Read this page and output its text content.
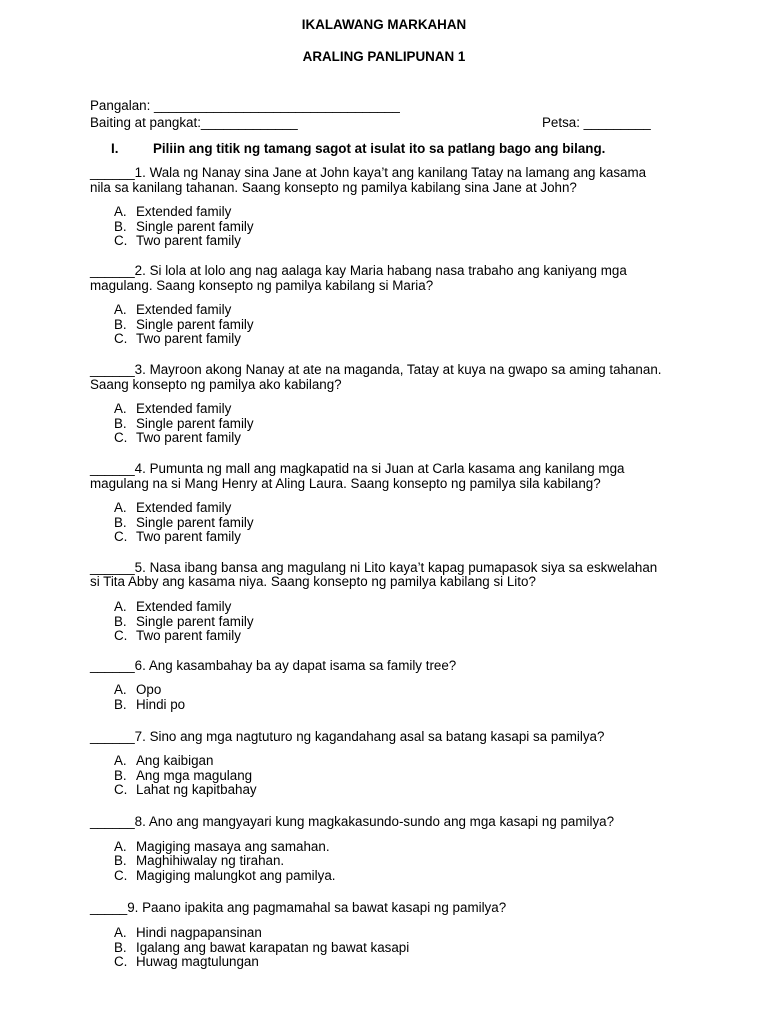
IKALAWANG MARKAHAN
ARALING PANLIPUNAN 1

Pangalan: _________________________________

Baiting at pangkat:_____________	Petsa: _________

I.	Piliin ang titik ng tamang sagot at isulat ito sa patlang bago ang bilang.

______1. Wala ng Nanay sina Jane at John kaya’t ang kanilang Tatay na lamang ang kasama nila sa kanilang tahanan. Saang konsepto ng pamilya kabilang sina Jane at John?

A. Extended family
B. Single parent family
C. Two parent family

______2. Si lola at lolo ang nag aalaga kay Maria habang nasa trabaho ang kaniyang mga magulang. Saang konsepto ng pamilya kabilang si Maria?

A. Extended family
B. Single parent family
C. Two parent family

______3. Mayroon akong Nanay at ate na maganda, Tatay at kuya na gwapo sa aming tahanan. Saang konsepto ng pamilya ako kabilang?

A. Extended family
B. Single parent family
C. Two parent family

______4. Pumunta ng mall ang magkapatid na si Juan at Carla kasama ang kanilang mga magulang na si Mang Henry at Aling Laura. Saang konsepto ng pamilya sila kabilang?

A. Extended family
B. Single parent family
C. Two parent family

______5. Nasa ibang bansa ang magulang ni Lito kaya’t kapag pumapasok siya sa eskwelahan si Tita Abby ang kasama niya. Saang konsepto ng pamilya kabilang si Lito?

A. Extended family
B. Single parent family
C. Two parent family

______6. Ang kasambahay ba ay dapat isama sa family tree?

A. Opo
B. Hindi po

______7. Sino ang mga nagtuturo ng kagandahang asal sa batang kasapi sa pamilya?

A. Ang kaibigan
B. Ang mga magulang
C. Lahat ng kapitbahay

______8. Ano ang mangyayari kung magkakasundo-sundo ang mga kasapi ng pamilya?

A. Magiging masaya ang samahan.
B. Maghihiwalay ng tirahan.
C. Magiging malungkot ang pamilya.

_____9. Paano ipakita ang pagmamahal sa bawat kasapi ng pamilya?

A. Hindi nagpapansinan
B. Igalang ang bawat karapatan ng bawat kasapi
C. Huwag magtulungan
